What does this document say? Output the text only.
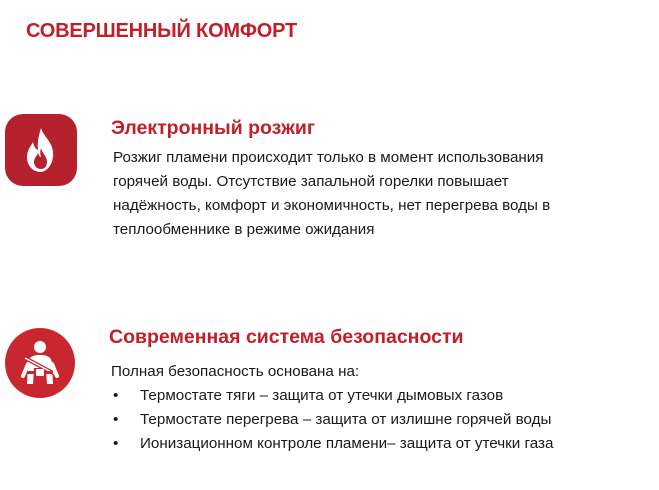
СОВЕРШЕННЫЙ КОМФОРТ
Электронный розжиг
Розжиг пламени происходит только в момент использования
горячей воды. Отсутствие запальной горелки повышает
надёжность, комфорт и экономичность, нет перегрева воды в
теплообменнике в режиме ожидания
Современная система безопасности
Полная безопасность основана на:
• Термостате тяги – защита от утечки дымовых газов
• Термостате перегрева – защита от излишне горячей воды
• Ионизационном контроле пламени– защита от утечки газа
